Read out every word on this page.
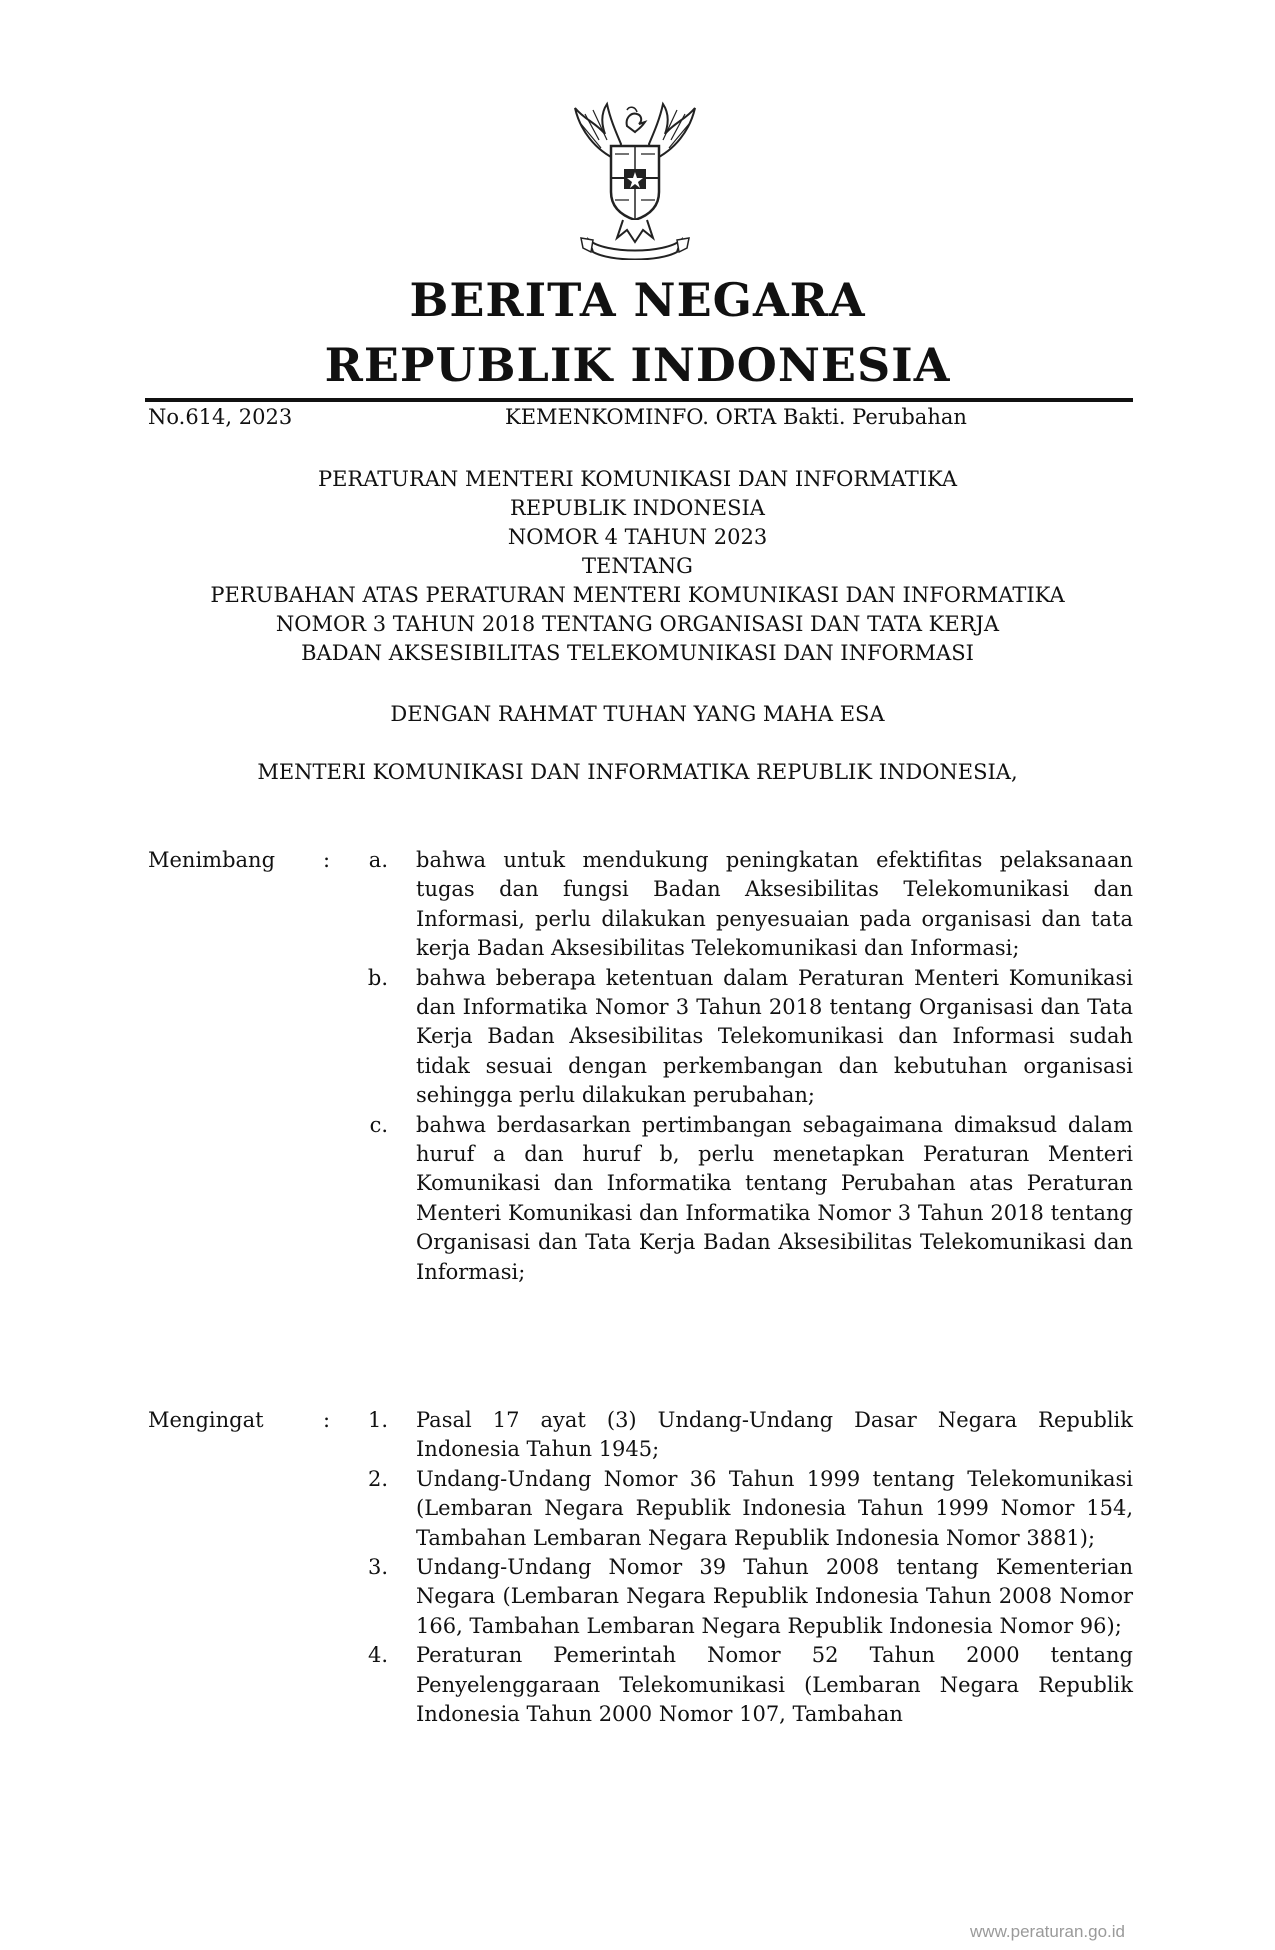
BERITA NEGARA
REPUBLIK INDONESIA
No.614, 2023	KEMENKOMINFO. ORTA Bakti. Perubahan
PERATURAN MENTERI KOMUNIKASI DAN INFORMATIKA
REPUBLIK INDONESIA
NOMOR 4 TAHUN 2023
TENTANG
PERUBAHAN ATAS PERATURAN MENTERI KOMUNIKASI DAN INFORMATIKA
NOMOR 3 TAHUN 2018 TENTANG ORGANISASI DAN TATA KERJA
BADAN AKSESIBILITAS TELEKOMUNIKASI DAN INFORMASI
DENGAN RAHMAT TUHAN YANG MAHA ESA
MENTERI KOMUNIKASI DAN INFORMATIKA REPUBLIK INDONESIA,
Menimbang :	a. bahwa untuk mendukung peningkatan efektifitas pelaksanaan tugas dan fungsi Badan Aksesibilitas Telekomunikasi dan Informasi, perlu dilakukan penyesuaian pada organisasi dan tata kerja Badan Aksesibilitas Telekomunikasi dan Informasi;
b. bahwa beberapa ketentuan dalam Peraturan Menteri Komunikasi dan Informatika Nomor 3 Tahun 2018 tentang Organisasi dan Tata Kerja Badan Aksesibilitas Telekomunikasi dan Informasi sudah tidak sesuai dengan perkembangan dan kebutuhan organisasi sehingga perlu dilakukan perubahan;
c. bahwa berdasarkan pertimbangan sebagaimana dimaksud dalam huruf a dan huruf b, perlu menetapkan Peraturan Menteri Komunikasi dan Informatika tentang Perubahan atas Peraturan Menteri Komunikasi dan Informatika Nomor 3 Tahun 2018 tentang Organisasi dan Tata Kerja Badan Aksesibilitas Telekomunikasi dan Informasi;
Mengingat	:	1. Pasal 17 ayat (3) Undang-Undang Dasar Negara Republik Indonesia Tahun 1945;
2. Undang-Undang Nomor 36 Tahun 1999 tentang Telekomunikasi (Lembaran Negara Republik Indonesia Tahun 1999 Nomor 154, Tambahan Lembaran Negara Republik Indonesia Nomor 3881);
3. Undang-Undang Nomor 39 Tahun 2008 tentang Kementerian Negara (Lembaran Negara Republik Indonesia Tahun 2008 Nomor 166, Tambahan Lembaran Negara Republik Indonesia Nomor 96);
4. Peraturan Pemerintah Nomor 52 Tahun 2000 tentang Penyelenggaraan Telekomunikasi (Lembaran Negara Republik Indonesia Tahun 2000 Nomor 107, Tambahan
www.peraturan.go.id
